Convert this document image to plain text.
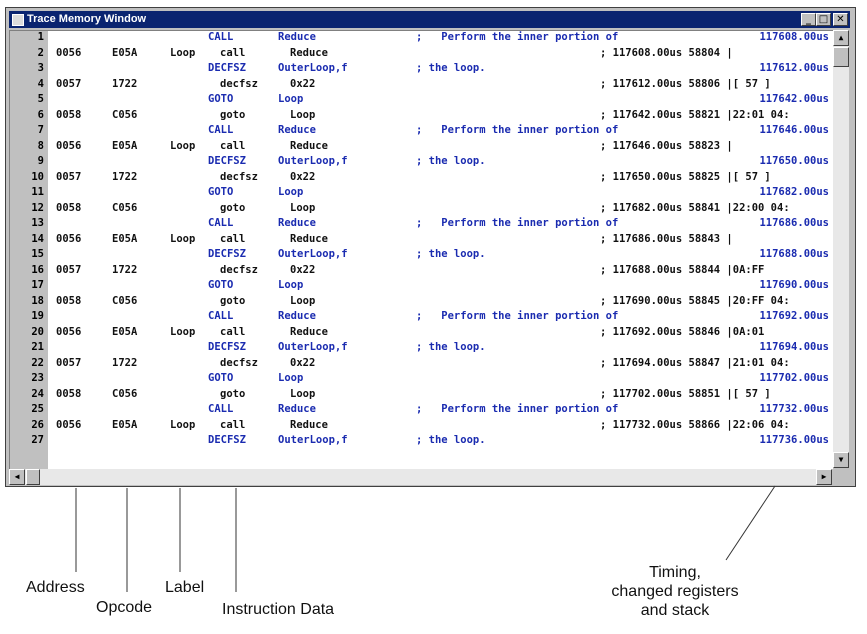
Trace Memory Window	_ □ ✕
1	CALL	Reduce	;   Perform the inner portion of	117608.00us
2 0056	E05A	Loop call	Reduce	; 117608.00us 58804 |
3	DECFSZ	OuterLoop,f	; the loop.	117612.00us
4 0057	1722	decfsz	0x22	; 117612.00us 58806 |[ 57 ]
5	GOTO	Loop	117642.00us
6 0058	C056	goto	Loop	; 117642.00us 58821 |22:01 04:
7	CALL	Reduce	;   Perform the inner portion of	117646.00us
8 0056	E05A	Loop call	Reduce	; 117646.00us 58823 |
9	DECFSZ	OuterLoop,f	; the loop.	117650.00us
10 0057	1722	decfsz	0x22	; 117650.00us 58825 |[ 57 ]
11	GOTO	Loop	117682.00us
12 0058	C056	goto	Loop	; 117682.00us 58841 |22:00 04:
13	CALL	Reduce	;   Perform the inner portion of	117686.00us
14 0056	E05A	Loop call	Reduce	; 117686.00us 58843 |
15	DECFSZ	OuterLoop,f	; the loop.	117688.00us
16 0057	1722	decfsz	0x22	; 117688.00us 58844 |0A:FF
17	GOTO	Loop	117690.00us
18 0058	C056	goto	Loop	; 117690.00us 58845 |20:FF 04:
19	CALL	Reduce	;   Perform the inner portion of	117692.00us
20 0056	E05A	Loop call	Reduce	; 117692.00us 58846 |0A:01
21	DECFSZ	OuterLoop,f	; the loop.	117694.00us
22 0057	1722	decfsz	0x22	; 117694.00us 58847 |21:01 04:
23	GOTO	Loop	117702.00us
24 0058	C056	goto	Loop	; 117702.00us 58851 |[ 57 ]
25	CALL	Reduce	;   Perform the inner portion of	117732.00us
26 0056	E05A	Loop call	Reduce	; 117732.00us 58866 |22:06 04:
27	DECFSZ	OuterLoop,f	; the loop.	117736.00us
▲
▼
◀	▶
Address
Opcode
Label
Instruction Data
Timing,
changed registers
and stack
